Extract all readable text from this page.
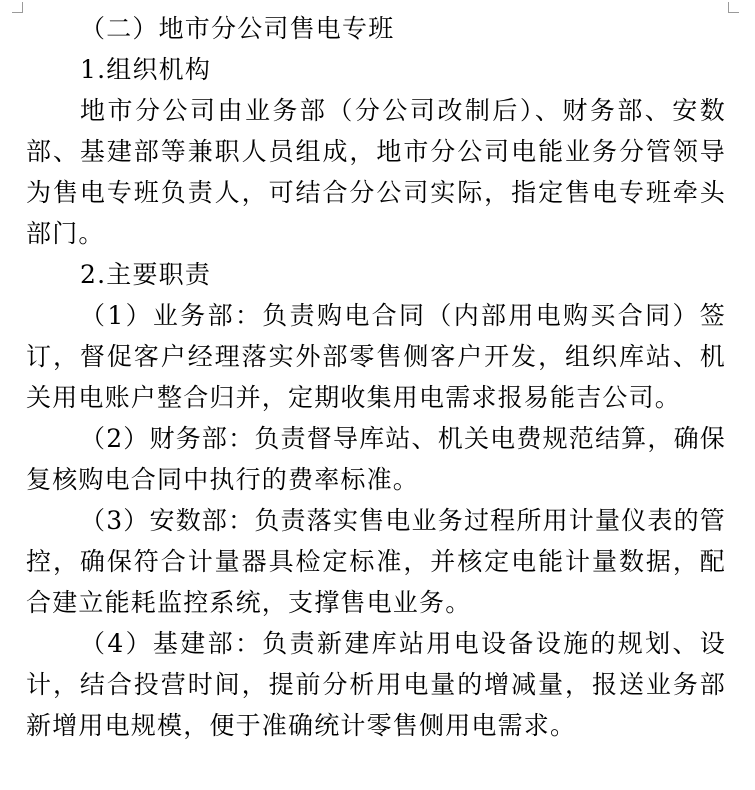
（二）地市分公司售电专班

1.组织机构

地市分公司由业务部（分公司改制后）、财务部、安数部、基建部等兼职人员组成，地市分公司电能业务分管领导为售电专班负责人，可结合分公司实际，指定售电专班牵头部门。

2.主要职责

（1）业务部：负责购电合同（内部用电购买合同）签订，督促客户经理落实外部零售侧客户开发，组织库站、机关用电账户整合归并，定期收集用电需求报易能吉公司。

（2）财务部：负责督导库站、机关电费规范结算，确保复核购电合同中执行的费率标准。

（3）安数部：负责落实售电业务过程所用计量仪表的管控，确保符合计量器具检定标准，并核定电能计量数据，配合建立能耗监控系统，支撑售电业务。

（4）基建部：负责新建库站用电设备设施的规划、设计，结合投营时间，提前分析用电量的增减量，报送业务部新增用电规模，便于准确统计零售侧用电需求。
